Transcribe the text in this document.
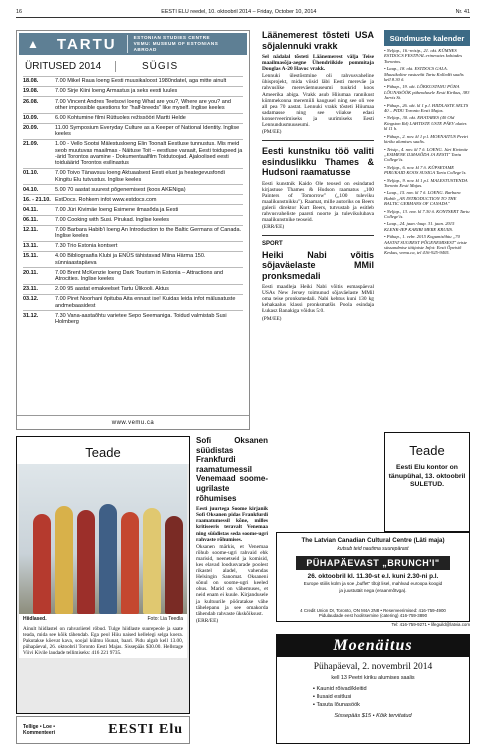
16	EESTI ELU reedel, 10. oktoobril 2014 – Friday, October 10, 2014	Nr. 41
▲ TARTU	ESTONIAN STUDIES CENTRE
VEMU: MUSEUM OF ESTONIANS ABROAD
ÜRITUSED 2014	SÜGIS
18.08.	7.00 Mikel Raua loeng Eesti muusikaloost 1980ndatel, aga mitte ainult
19.08.	7.00 Sirje Kiini loeng Armastus ja seks eesti luules
26.08.	7.00 Vincent Andres Teetsovi loeng What are you?, Where are you? and other impossible questions for "half-breeds" like myself. Inglise keeles
10.09.	6.00 Kohtumine filmi Rüttuoles režissööri Martti Helde
20.09.	11.00 Symposium Everyday Culture as a Keeper of National Identity. Inglise keeles
21.09.	1.00 - Vello Sootsi Mälestusloeng Elin Toonalt Eestluse tunnustus. Mis meid seob muutuvas maailmas - Näituse Toit – eestluse varaait, Eesti toidupeed ja -ärid Torontos avamine - Dokumentaalfilm Toidutoojad. Ajaloolised eesti toiduäärid Torontos esilinastus
01.10.	7.00 Toivo Tänavsuu loeng Aktuaalsest Eesti elust ja heategevusfondi Kingitu Elu tutvustus. Inglise keeles
04.10.	5.00 70 aastat suurest põgenemisest (koos AKENiga)
16. - 21.10. EstDocs. Rohkem infot www.estdocs.com
04.11.	7.00 Jüri Kivimäe loeng Esimene ilmasõda ja Eesti
06.11.	7.00 Cooking with Susi. Pirukad. Inglise keeles
12.11.	7.00 Barbara Habib'i loeng An Introduction to the Baltic Germans of Canada. Inglise keeles
13.11.	7.30 Trio Estonia kontsert
15.11.	4.00 Bibliograafia Klubi ja ENÜS tähistavad Miina Härma 150. sünniaastapäeva
20.11.	7.00 Brent McKenzie loeng Dark Tourism in Estonia – Attractions and Atrocities. Inglise keeles
23.11.	2.00 95 aastat emakeelset Tartu Ülikooli. Aktus
03.12.	7.00 Piret Noorhani õpituba Aita ennast ise! Kuidas leida infot mälusatuste andmebaasidest
31.12.	7.30 Vana-aastaõhtu varietee Sepo Seemaniga. Toidud valmistab Susi Holmberg
www.vemu.ca
Läänemerest tõsteti USA sõjalennuki vrakk

Sel nädalal tõsteti Läänemerest välja Teise maailmasõja-aegne Ühendriikide pommitaja Douglas A-20 Havoc vrakk.

Lennuki ülestõstmine oli rahvusvaheline ühisprojekt, mida viisid läbi Eesti mereväe ja rahvuslike mereväemuuseumi tuukrid koos Ameerika abiga. Vrakk asub Hiiumaa rannikust kümmekonna meremiili kaugusel ning see oli vee all pea 70 aastat. Lennuki vrakk tõsteti Hiiumaa sadamasse ning see viiakse edasi konserveerimiseks ja uurimiseks Eesti Lennundusmuuseumi.

(PM/EE)

Eesti kunstniku töö valiti esinduslikku Thames & Hudsoni raamatusse

Eesti kunstnik Kaido Ole teosed on esindatud kirjastuse Thames & Hudson raamatus „100 Painters of Tomorrow" („100 tuleviku maalikunstnikku"). Raamat, mille autoriks on Beers galerii direktor Kurt Beers, tutvustab ja esitleb rahvusvaheliste paarsti noorte ja tulevikulubava maalikunstnike teoseid.

(ERR/EE)

SPORT
Heiki Nabi võitis sõjaväelaste MMil pronksmedali

Eesti maadleja Heiki Nabi võitis esmaspäeval USAs New Jersey toimunud sõjaväelaste MMil oma teise pronksmedali. Nabi kehtus kuni 130 kg kehakaalus klassi pronksmatšis Poola esindaja Łukasz Banakiga võidus 5:0.

(PM/EE)

Sündmuste kalender
• Neljap., 16.-reisip., 21. okt. KÜMNES ESTDOCS FESTIVAL erinevates kohtades Torontos.
• Laup., 18. okt. ESTDOCS GALA. Muusikaline vastuvõtt Tartu Kolledži saalis kell 8.30 õ.
• Pühap., 19. okt. LÕKKUSTANU PÜHA LÕUNASÖÖK pühendusele Eesti Kirikus, 383 Jarvis St.
• Pühap., 26. okt. kl 1 p.l. HIIDLASTE SELTS 40 – PIDU Toronto Eesti Majas.
• Neljap., 30. okt. EHATARES (40 Old Kingston Rd) LAHTISTE USTE PÄEV alates kl 11 h.
• Pühap., 2. nov. kl 1 p.l. MOENAITUS Peetri kiriku alumises saalis.
• Teisip., 4. nov. kl 7 õ. LOENG. Jüri Kivimäe „ESIMENE ILMASÕDA JA EESTI" Tartu College'is.
• Neljap., 6. nov. kl 7 õ. KÜPSETAME PIRUKAID KOOS SUSIGA Tartu College'is.
• Neljap., 9. nov. kl 1 p.l. MALESTUSTENDA Toronto Eesti Majas.
• Laup., 15. nov. kl 7 õ. LOENG. Barbara Habib „AN INTRODUCTION TO THE BALTIC GERMANS OF CANADA"
• Neljap., 13. nov. kl 7.30 õ. KONTSERT Tartu College'is.
• Laup., 24. jaan.-laup. 31. jaan. 2015 KLENK-IEP KARIBI MERE KRUIIS.
• Pühap., 1. vebr. 2015 Kogumisõhtu „70 AASTAT SUUREST PÕGENEMISEST" teiste süssandmise täitjaiste Infot: Eesti Õpetsiõ Keskus, vemu.ca, tel 416-925-9405.
Teade
Eesti Elu kontor on tänupühal, 13. oktoobril SULETUD.
Teade
Hiidlased.	Foto: Lia Teedla
Ainult hiidlastel on rahvariietel röbud. Tulge hiidlaste suurepeole ja saate teada, mida see kõik tähendab. Ega peol Hiiu naised kellelegi selga koera. Pakutakse kõevat kava, soojal külmu lõunat, baari. Pidu algab kell 13.00, pühapäeval, 26. oktoobril Toronto Eesti Majas. Sissepääs $30.00. Hellstage Viivi Kivile laudade tellimiseks: 416 221 9735.
Tellige • Loe •
Kommenteeri	EESTI Elu
Sofi Oksanen süüdistas Frankfurdi raamatumessil Venemaad soome-ugrilaste rõhumises

Eesti juurtega Soome kirjanik Sofi Oksanen pidas Frankfurdi raamatumessil kõne, milles kritiseeris teravalt Venemaa ning süüdistas seda soome-ugri rahvaste rõhumises.

Oksanen märkis, et Venemaa rõhub soome-ugri rahvaid ehk marisid, neenetseid ja komisid, kes elavad loodusvarade poolest rikastel aladel, vahendas Helsingin Sanomat. Oksaneni sõnul on soome-ugri keeled ohus. Marid on vähemuses, et neid enam ei kuule. Kirjandusele ja kultuurile pööratakse vähe tähelepanu ja see omakorda tähendab rahvaste ükskõiksust.

(ERR/EE)

The Latvian Canadian Cultural Centre (Läti maja)
kutsub teid nautima suurepärast
PÜHAPÄEVAST „BRUNCH'I"
26. oktoobril kl. 11.30-st e.l. kuni 2.30-ni p.l.
Europe stiilis külm ja soe „buffet" tõüjt lisel, mahlvad euroopa koogid
ja juustutäit nega (eraanmõtvga).
4 Credit Union Dr, Toronto, ON M4A 2N8 • Reserveerimised: 416-759-4900
Pidulaudade eest hoolitsemine (catering) 416-759-3890
Tel: 416-759-9271 • lifeguild@latvia.com
Moenäitus
Pühapäeval, 2. novembril 2014
kell 13 Peetri kiriku alumises saalis
▪ Kaunid rõivad/kleitid
▪ Ilusaid esitlusi
▪ Tasuta lõunasöök
Sissepääs $15 • Kõik tervitatud
